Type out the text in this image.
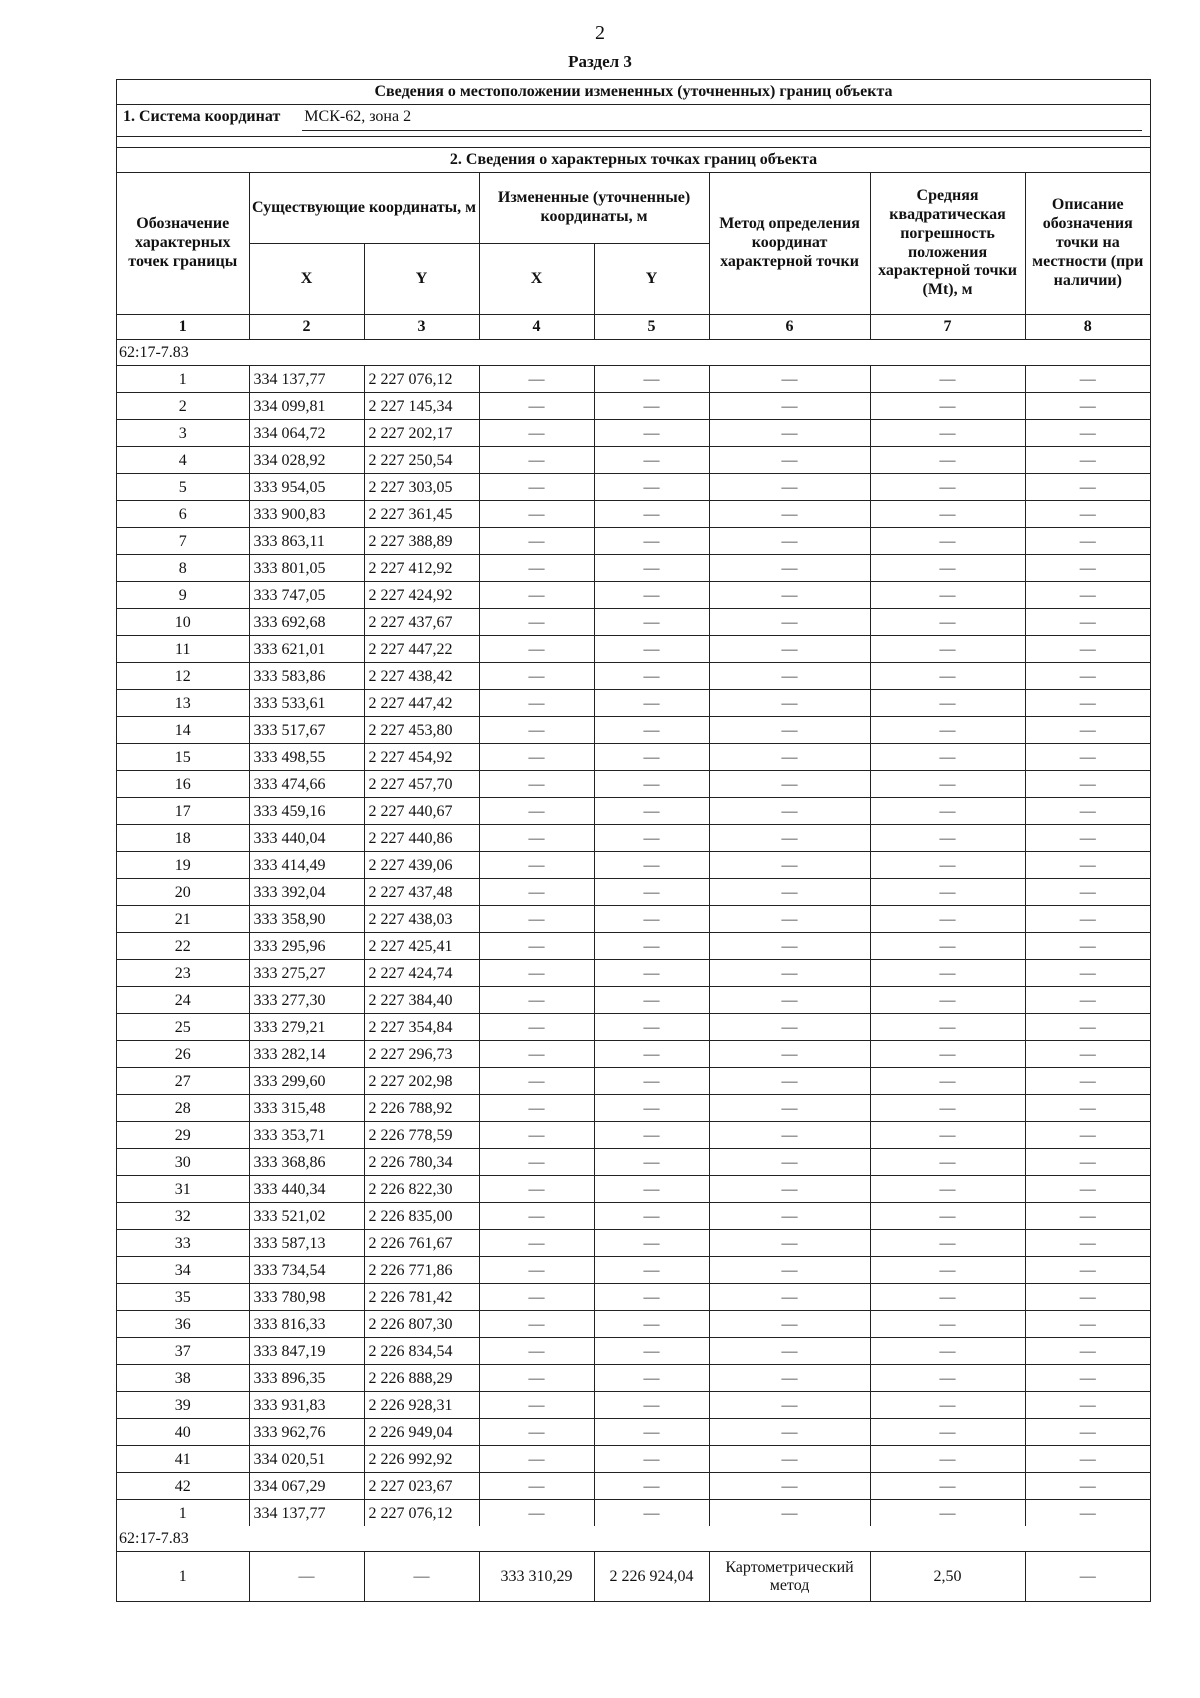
2
Раздел 3
Сведения о местоположении измененных (уточненных) границ объекта
1. Система координат МСК-62, зона 2
2. Сведения о характерных точках границ объекта
Обозначение характерных точек границы	Существующие координаты, м		Измененные (уточненные) координаты, м		Метод определения координат характерной точки	Средняя квадратическая погрешность положения характерной точки (Mt), м	Описание обозначения точки на местности (при наличии)
	X	Y	X	Y			
1	2	3	4	5	6	7	8
62:17-7.83							
1	334 137,77	2 227 076,12	—	—	—	—	—
2	334 099,81	2 227 145,34	—	—	—	—	—
3	334 064,72	2 227 202,17	—	—	—	—	—
4	334 028,92	2 227 250,54	—	—	—	—	—
5	333 954,05	2 227 303,05	—	—	—	—	—
6	333 900,83	2 227 361,45	—	—	—	—	—
7	333 863,11	2 227 388,89	—	—	—	—	—
8	333 801,05	2 227 412,92	—	—	—	—	—
9	333 747,05	2 227 424,92	—	—	—	—	—
10	333 692,68	2 227 437,67	—	—	—	—	—
11	333 621,01	2 227 447,22	—	—	—	—	—
12	333 583,86	2 227 438,42	—	—	—	—	—
13	333 533,61	2 227 447,42	—	—	—	—	—
14	333 517,67	2 227 453,80	—	—	—	—	—
15	333 498,55	2 227 454,92	—	—	—	—	—
16	333 474,66	2 227 457,70	—	—	—	—	—
17	333 459,16	2 227 440,67	—	—	—	—	—
18	333 440,04	2 227 440,86	—	—	—	—	—
19	333 414,49	2 227 439,06	—	—	—	—	—
20	333 392,04	2 227 437,48	—	—	—	—	—
21	333 358,90	2 227 438,03	—	—	—	—	—
22	333 295,96	2 227 425,41	—	—	—	—	—
23	333 275,27	2 227 424,74	—	—	—	—	—
24	333 277,30	2 227 384,40	—	—	—	—	—
25	333 279,21	2 227 354,84	—	—	—	—	—
26	333 282,14	2 227 296,73	—	—	—	—	—
27	333 299,60	2 227 202,98	—	—	—	—	—
28	333 315,48	2 226 788,92	—	—	—	—	—
29	333 353,71	2 226 778,59	—	—	—	—	—
30	333 368,86	2 226 780,34	—	—	—	—	—
31	333 440,34	2 226 822,30	—	—	—	—	—
32	333 521,02	2 226 835,00	—	—	—	—	—
33	333 587,13	2 226 761,67	—	—	—	—	—
34	333 734,54	2 226 771,86	—	—	—	—	—
35	333 780,98	2 226 781,42	—	—	—	—	—
36	333 816,33	2 226 807,30	—	—	—	—	—
37	333 847,19	2 226 834,54	—	—	—	—	—
38	333 896,35	2 226 888,29	—	—	—	—	—
39	333 931,83	2 226 928,31	—	—	—	—	—
40	333 962,76	2 226 949,04	—	—	—	—	—
41	334 020,51	2 226 992,92	—	—	—	—	—
42	334 067,29	2 227 023,67	—	—	—	—	—
1	334 137,77	2 227 076,12	—	—	—	—	—
62:17-7.83							
1	—	—	333 310,29	2 226 924,04	Картометрический метод	2,50	—
